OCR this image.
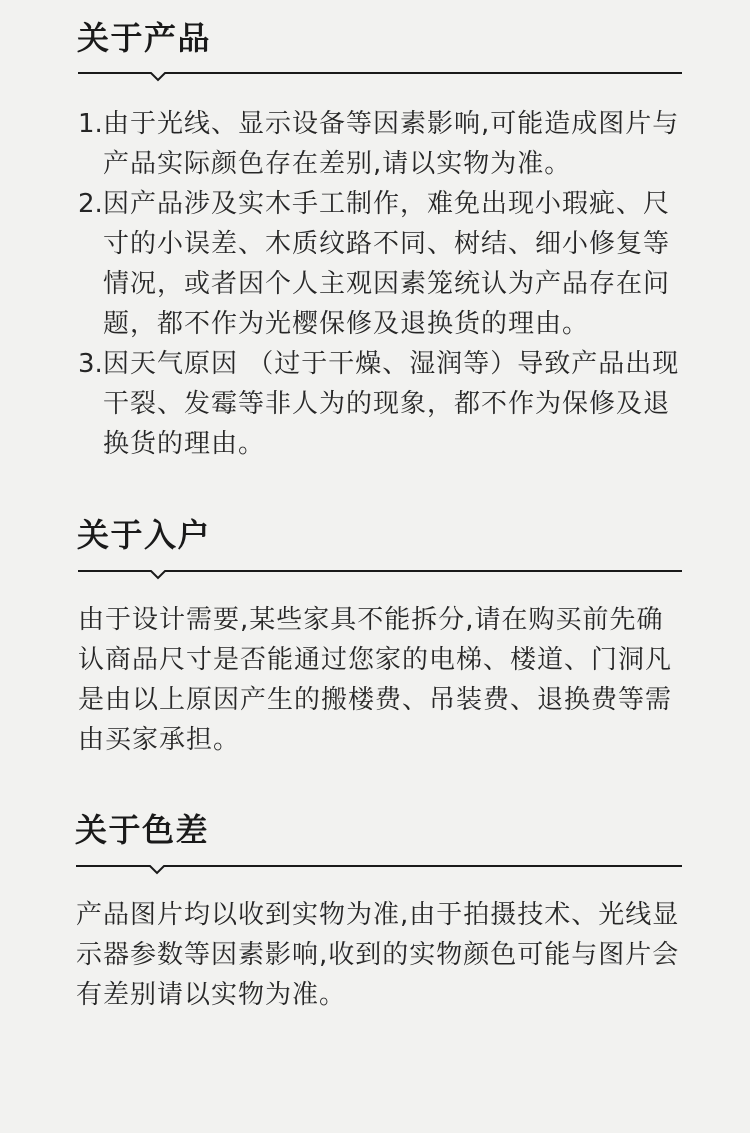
关于产品
1. 由于光线、显示设备等因素影响,可能造成图片与
产品实际颜色存在差别,请以实物为准。
2. 因产品涉及实木手工制作，难免出现小瑕疵、尺
寸的小误差、木质纹路不同、树结、细小修复等
情况，或者因个人主观因素笼统认为产品存在问
题，都不作为光樱保修及退换货的理由。
3. 因天气原因 （过于干燥、湿润等）导致产品出现
干裂、发霉等非人为的现象，都不作为保修及退
换货的理由。
关于入户
由于设计需要,某些家具不能拆分,请在购买前先确
认商品尺寸是否能通过您家的电梯、楼道、门洞凡
是由以上原因产生的搬楼费、吊装费、退换费等需
由买家承担。
关于色差
产品图片均以收到实物为准,由于拍摄技术、光线显
示器参数等因素影响,收到的实物颜色可能与图片会
有差别请以实物为准。
